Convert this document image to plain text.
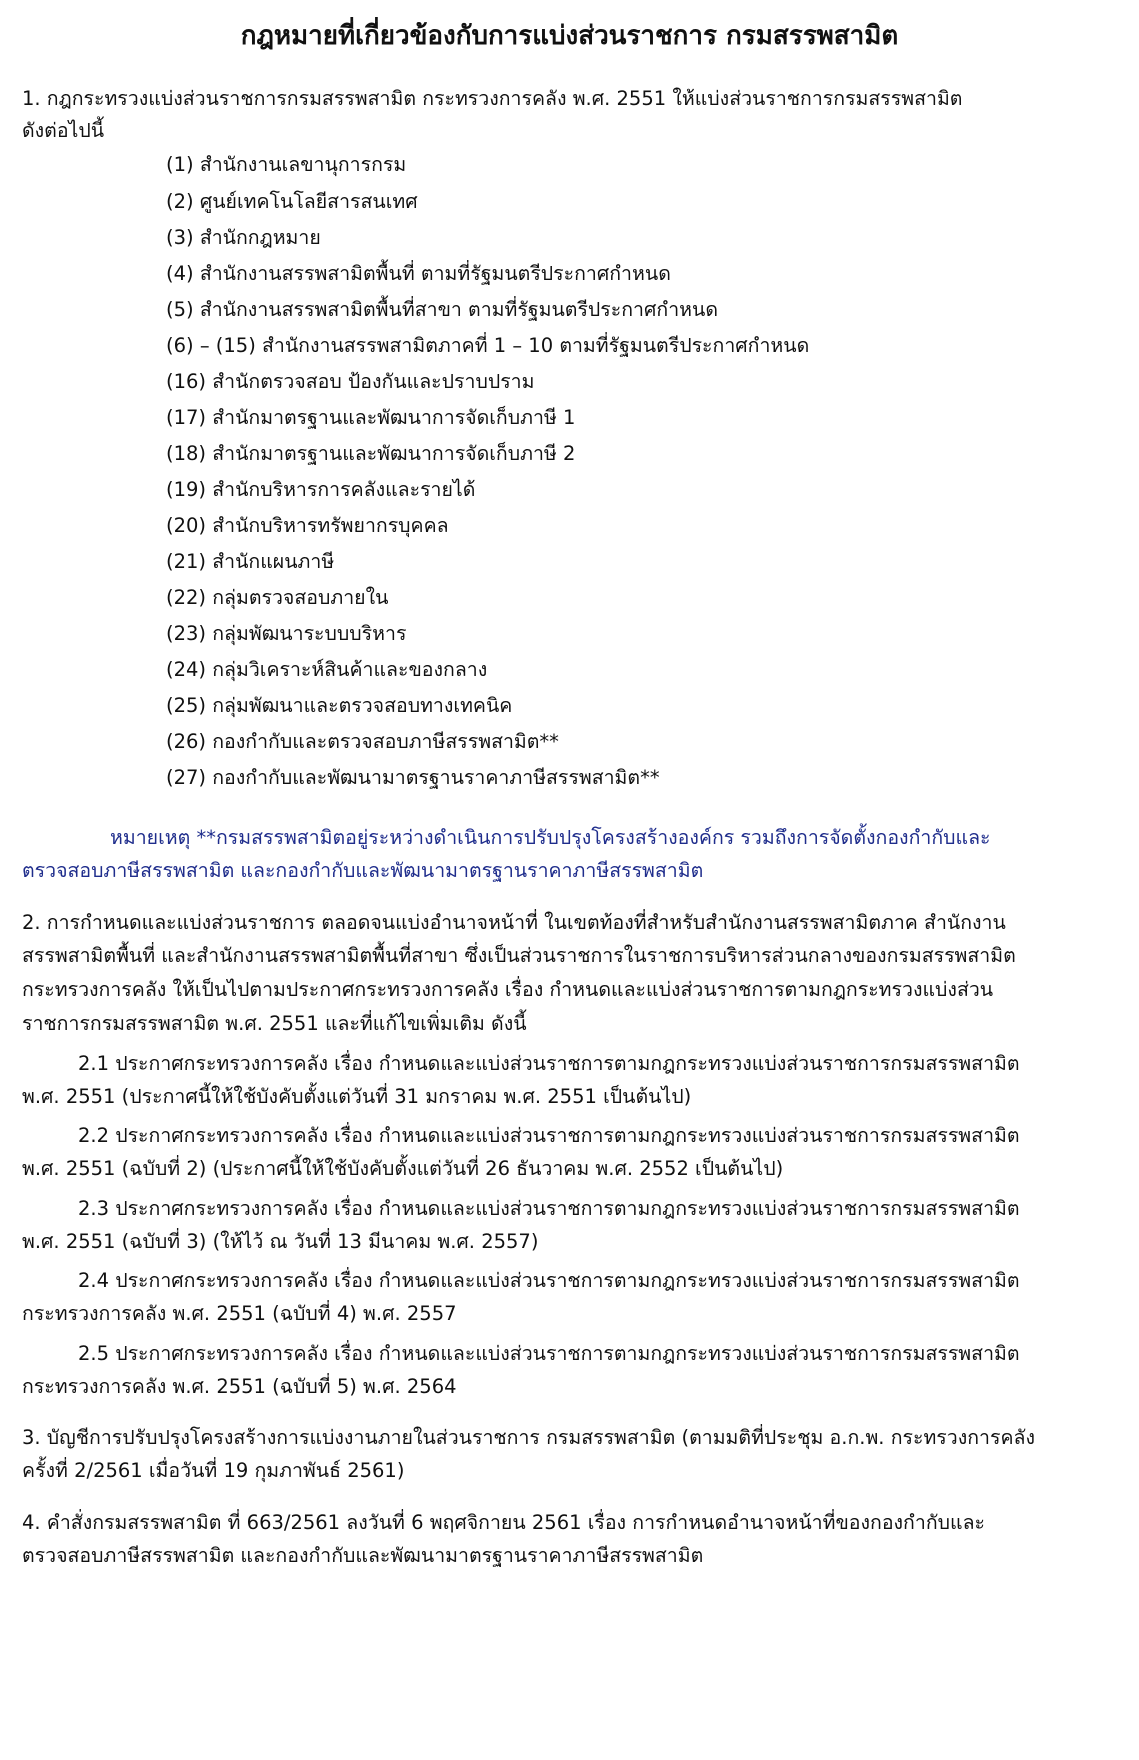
กฎหมายที่เกี่ยวข้องกับการแบ่งส่วนราชการ กรมสรรพสามิต
1. กฎกระทรวงแบ่งส่วนราชการกรมสรรพสามิต กระทรวงการคลัง พ.ศ. 2551 ให้แบ่งส่วนราชการกรมสรรพสามิต
ดังต่อไปนี้
(1) สำนักงานเลขานุการกรม
(2) ศูนย์เทคโนโลยีสารสนเทศ
(3) สำนักกฎหมาย
(4) สำนักงานสรรพสามิตพื้นที่ ตามที่รัฐมนตรีประกาศกำหนด
(5) สำนักงานสรรพสามิตพื้นที่สาขา ตามที่รัฐมนตรีประกาศกำหนด
(6) – (15) สำนักงานสรรพสามิตภาคที่ 1 – 10 ตามที่รัฐมนตรีประกาศกำหนด
(16) สำนักตรวจสอบ ป้องกันและปราบปราม
(17) สำนักมาตรฐานและพัฒนาการจัดเก็บภาษี 1
(18) สำนักมาตรฐานและพัฒนาการจัดเก็บภาษี 2
(19) สำนักบริหารการคลังและรายได้
(20) สำนักบริหารทรัพยากรบุคคล
(21) สำนักแผนภาษี
(22) กลุ่มตรวจสอบภายใน
(23) กลุ่มพัฒนาระบบบริหาร
(24) กลุ่มวิเคราะห์สินค้าและของกลาง
(25) กลุ่มพัฒนาและตรวจสอบทางเทคนิค
(26) กองกำกับและตรวจสอบภาษีสรรพสามิต**
(27) กองกำกับและพัฒนามาตรฐานราคาภาษีสรรพสามิต**
หมายเหตุ **กรมสรรพสามิตอยู่ระหว่างดำเนินการปรับปรุงโครงสร้างองค์กร รวมถึงการจัดตั้งกองกำกับและ
ตรวจสอบภาษีสรรพสามิต และกองกำกับและพัฒนามาตรฐานราคาภาษีสรรพสามิต
2. การกำหนดและแบ่งส่วนราชการ ตลอดจนแบ่งอำนาจหน้าที่ ในเขตท้องที่สำหรับสำนักงานสรรพสามิตภาค สำนักงาน
สรรพสามิตพื้นที่ และสำนักงานสรรพสามิตพื้นที่สาขา ซึ่งเป็นส่วนราชการในราชการบริหารส่วนกลางของกรมสรรพสามิต
กระทรวงการคลัง ให้เป็นไปตามประกาศกระทรวงการคลัง เรื่อง กำหนดและแบ่งส่วนราชการตามกฎกระทรวงแบ่งส่วน
ราชการกรมสรรพสามิต พ.ศ. 2551 และที่แก้ไขเพิ่มเติม ดังนี้
2.1 ประกาศกระทรวงการคลัง เรื่อง กำหนดและแบ่งส่วนราชการตามกฎกระทรวงแบ่งส่วนราชการกรมสรรพสามิต
พ.ศ. 2551 (ประกาศนี้ให้ใช้บังคับตั้งแต่วันที่ 31 มกราคม พ.ศ. 2551 เป็นต้นไป)
2.2 ประกาศกระทรวงการคลัง เรื่อง กำหนดและแบ่งส่วนราชการตามกฎกระทรวงแบ่งส่วนราชการกรมสรรพสามิต
พ.ศ. 2551 (ฉบับที่ 2) (ประกาศนี้ให้ใช้บังคับตั้งแต่วันที่ 26 ธันวาคม พ.ศ. 2552 เป็นต้นไป)
2.3 ประกาศกระทรวงการคลัง เรื่อง กำหนดและแบ่งส่วนราชการตามกฎกระทรวงแบ่งส่วนราชการกรมสรรพสามิต
พ.ศ. 2551 (ฉบับที่ 3) (ให้ไว้ ณ วันที่ 13 มีนาคม พ.ศ. 2557)
2.4 ประกาศกระทรวงการคลัง เรื่อง กำหนดและแบ่งส่วนราชการตามกฎกระทรวงแบ่งส่วนราชการกรมสรรพสามิต
กระทรวงการคลัง พ.ศ. 2551 (ฉบับที่ 4) พ.ศ. 2557
2.5 ประกาศกระทรวงการคลัง เรื่อง กำหนดและแบ่งส่วนราชการตามกฎกระทรวงแบ่งส่วนราชการกรมสรรพสามิต
กระทรวงการคลัง พ.ศ. 2551 (ฉบับที่ 5) พ.ศ. 2564
3. บัญชีการปรับปรุงโครงสร้างการแบ่งงานภายในส่วนราชการ กรมสรรพสามิต (ตามมติที่ประชุม อ.ก.พ. กระทรวงการคลัง
ครั้งที่ 2/2561 เมื่อวันที่ 19 กุมภาพันธ์ 2561)
4. คำสั่งกรมสรรพสามิต ที่ 663/2561 ลงวันที่ 6 พฤศจิกายน 2561 เรื่อง การกำหนดอำนาจหน้าที่ของกองกำกับและ
ตรวจสอบภาษีสรรพสามิต และกองกำกับและพัฒนามาตรฐานราคาภาษีสรรพสามิต
